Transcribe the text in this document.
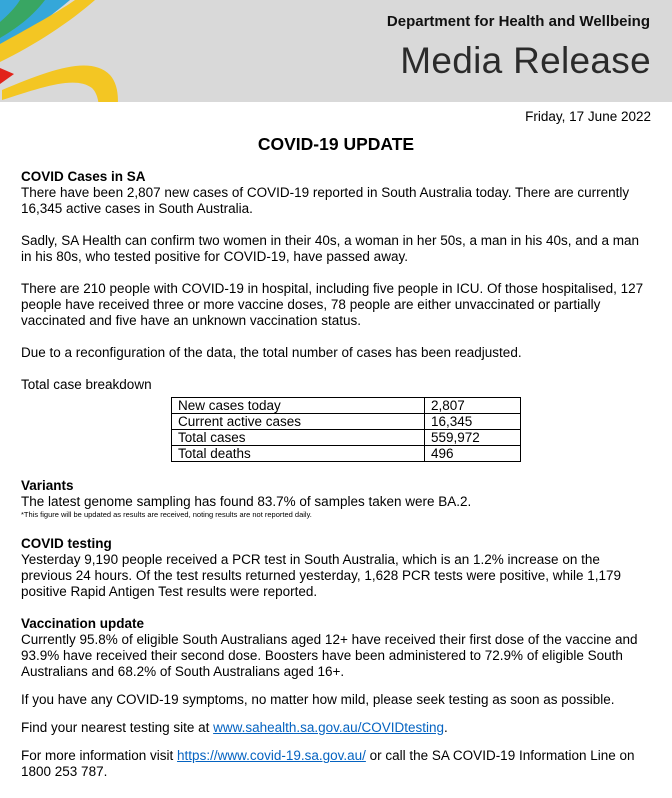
Department for Health and Wellbeing
Media Release
Friday, 17 June 2022
COVID-19 UPDATE

COVID Cases in SA

There have been 2,807 new cases of COVID-19 reported in South Australia today. There are currently 16,345 active cases in South Australia.

Sadly, SA Health can confirm two women in their 40s, a woman in her 50s, a man in his 40s, and a man in his 80s, who tested positive for COVID-19, have passed away.

There are 210 people with COVID-19 in hospital, including five people in ICU. Of those hospitalised, 127 people have received three or more vaccine doses, 78 people are either unvaccinated or partially vaccinated and five have an unknown vaccination status.

Due to a reconfiguration of the data, the total number of cases has been readjusted.

Total case breakdown

New cases today	2,807
Current active cases	16,345
Total cases	559,972
Total deaths	496

Variants

The latest genome sampling has found 83.7% of samples taken were BA.2.

*This figure will be updated as results are received, noting results are not reported daily.

COVID testing

Yesterday 9,190 people received a PCR test in South Australia, which is an 1.2% increase on the previous 24 hours. Of the test results returned yesterday, 1,628 PCR tests were positive, while 1,179 positive Rapid Antigen Test results were reported.

Vaccination update

Currently 95.8% of eligible South Australians aged 12+ have received their first dose of the vaccine and 93.9% have received their second dose. Boosters have been administered to 72.9% of eligible South Australians and 68.2% of South Australians aged 16+.

If you have any COVID-19 symptoms, no matter how mild, please seek testing as soon as possible.

Find your nearest testing site at www.sahealth.sa.gov.au/COVIDtesting.

For more information visit https://www.covid-19.sa.gov.au/ or call the SA COVID-19 Information Line on 1800 253 787.
